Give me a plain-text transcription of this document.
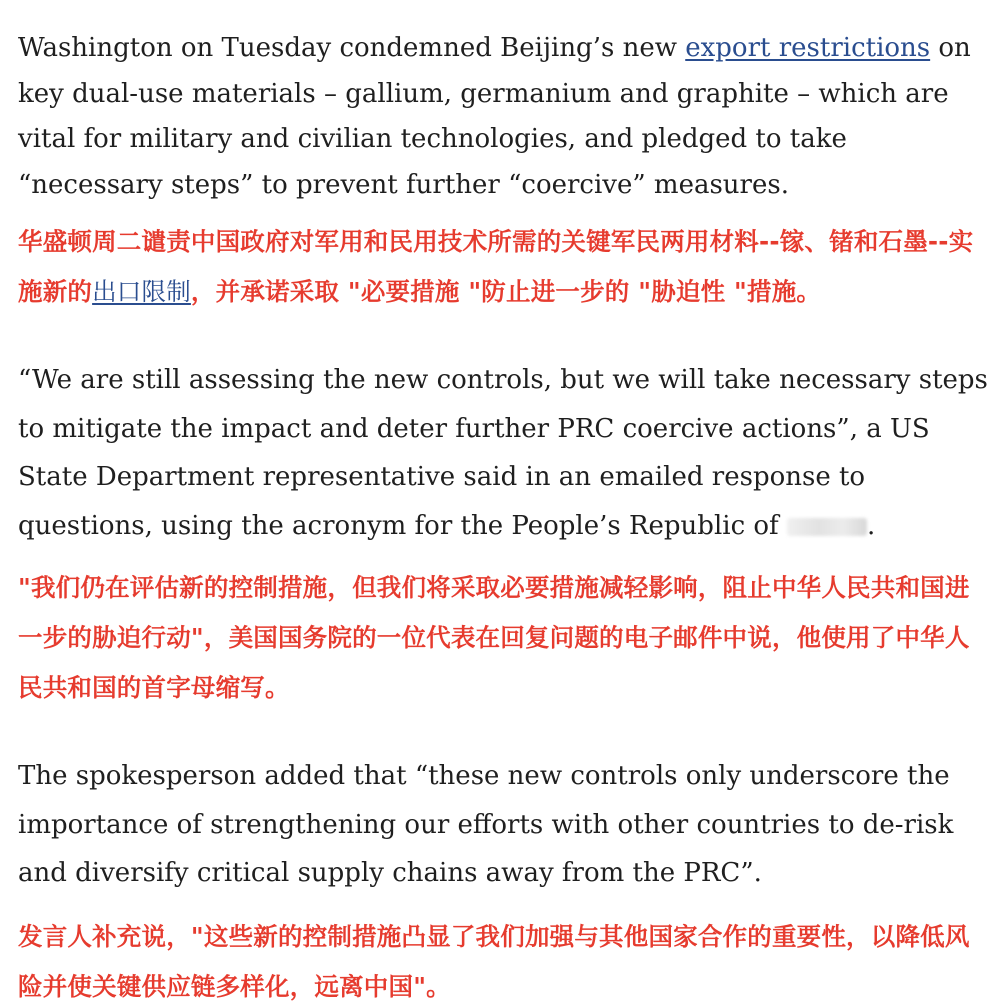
Washington on Tuesday condemned Beijing’s new export restrictions on key dual-use materials – gallium, germanium and graphite – which are vital for military and civilian technologies, and pledged to take “necessary steps” to prevent further “coercive” measures.

华盛顿周二谴责中国政府对军用和民用技术所需的关键军民两用材料--镓、锗和石墨--实施新的出口限制，并承诺采取 "必要措施 "防止进一步的 "胁迫性 "措施。

“We are still assessing the new controls, but we will take necessary steps to mitigate the impact and deter further PRC coercive actions”, a US State Department representative said in an emailed response to questions, using the acronym for the People’s Republic of	.

"我们仍在评估新的控制措施，但我们将采取必要措施减轻影响，阻止中华人民共和国进一步的胁迫行动"，美国国务院的一位代表在回复问题的电子邮件中说，他使用了中华人民共和国的首字母缩写。

The spokesperson added that “these new controls only underscore the importance of strengthening our efforts with other countries to de-risk and diversify critical supply chains away from the PRC”.

发言人补充说，"这些新的控制措施凸显了我们加强与其他国家合作的重要性，以降低风险并使关键供应链多样化，远离中国"。
